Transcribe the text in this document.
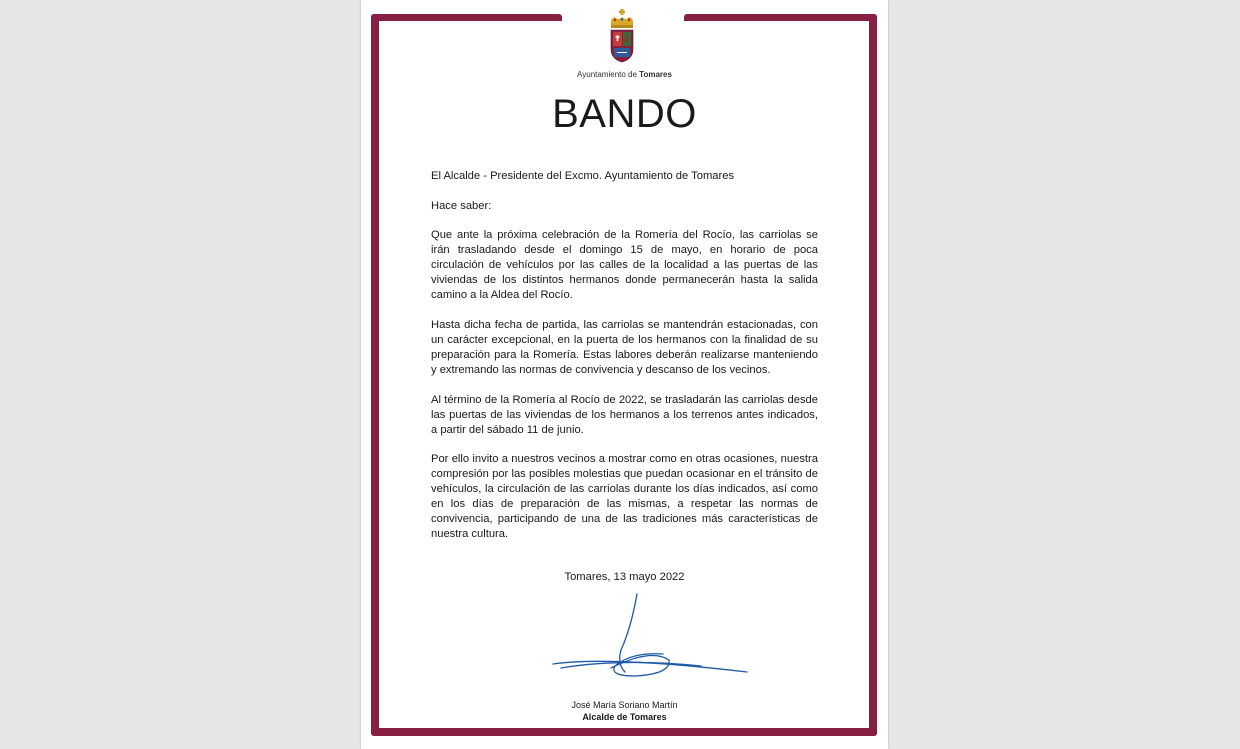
Ayuntamiento de Tomares
BANDO

El Alcalde - Presidente del Excmo. Ayuntamiento de Tomares

Hace saber:

Que ante la próxima celebración de la Romería del Rocío, las carriolas se irán trasladando desde el domingo 15 de mayo, en horario de poca circulación de vehículos por las calles de la localidad a las puertas de las viviendas de los distintos hermanos donde permanecerán hasta la salida camino a la Aldea del Rocío.

Hasta dicha fecha de partida, las carriolas se mantendrán estacionadas, con un carácter excepcional, en la puerta de los hermanos con la finalidad de su preparación para la Romería. Estas labores deberán realizarse manteniendo y extremando las normas de convivencia y descanso de los vecinos.

Al término de la Romería al Rocío de 2022, se trasladarán las carriolas desde las puertas de las viviendas de los hermanos a los terrenos antes indicados, a partir del sábado 11 de junio.

Por ello invito a nuestros vecinos a mostrar como en otras ocasiones, nuestra compresión por las posibles molestias que puedan ocasionar en el tránsito de vehículos, la circulación de las carriolas durante los días indicados, así como en los días de preparación de las mismas, a respetar las normas de convivencia, participando de una de las tradiciones más características de nuestra cultura.

Tomares, 13 mayo 2022
José María Soriano Martín
Alcalde de Tomares
